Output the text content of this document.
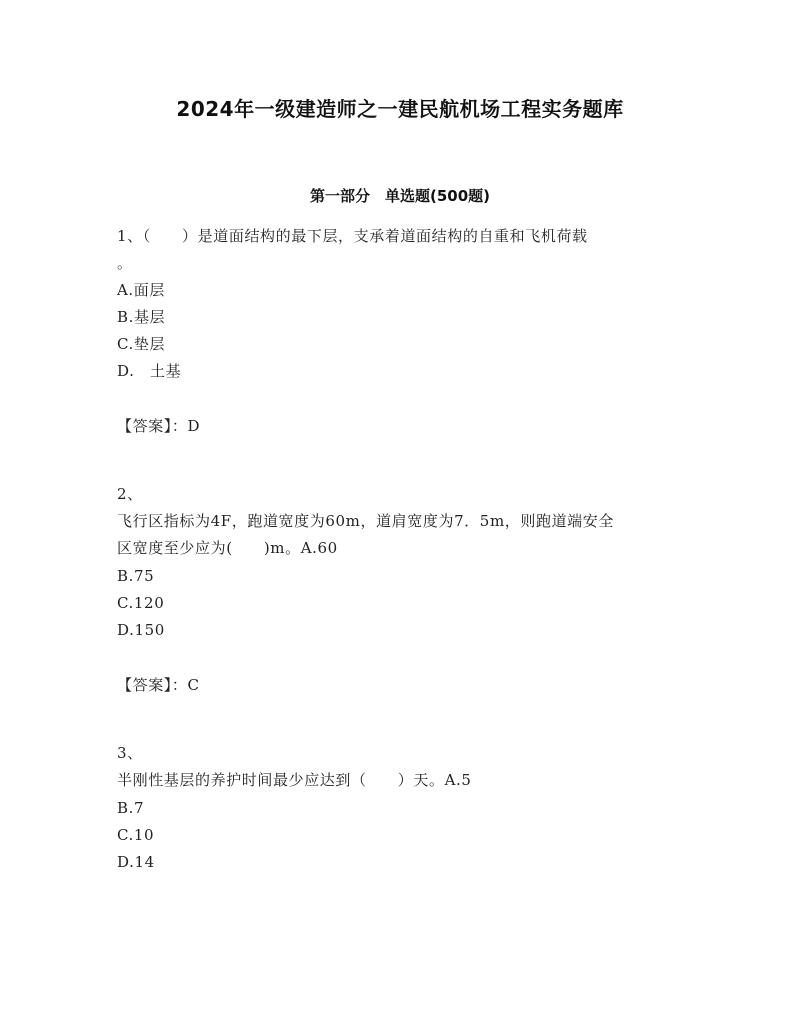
2024年一级建造师之一建民航机场工程实务题库
第一部分　单选题(500题)
1、（　　）是道面结构的最下层，支承着道面结构的自重和飞机荷载
。
A.面层
B.基层
C.垫层
D.　土基
【答案】：D
2、
飞行区指标为4F，跑道宽度为60m，道肩宽度为7．5m，则跑道端安全
区宽度至少应为(　　)m。A.60
B.75
C.120
D.150
【答案】：C
3、
半刚性基层的养护时间最少应达到（　　）天。A.5
B.7
C.10
D.14
